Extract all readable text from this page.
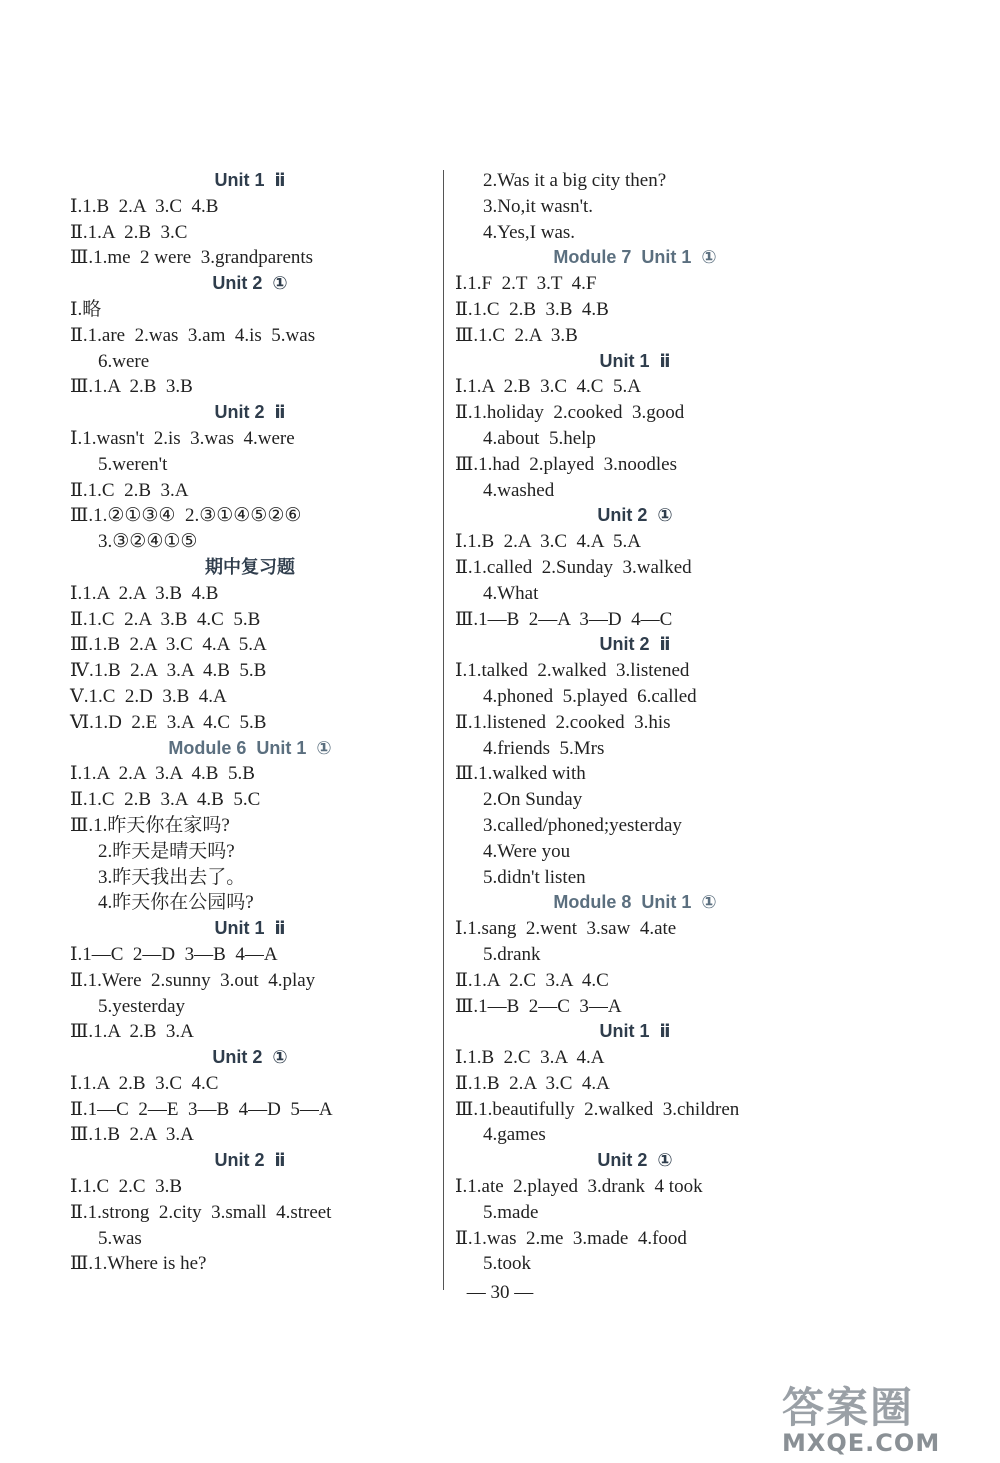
Unit 1  ⅱ
Ⅰ.1.B  2.A  3.C  4.B
Ⅱ.1.A  2.B  3.C
Ⅲ.1.me  2 were  3.grandparents
Unit 2  ①
Ⅰ.略
Ⅱ.1.are  2.was  3.am  4.is  5.was
6.were
Ⅲ.1.A  2.B  3.B
Unit 2  ⅱ
Ⅰ.1.wasn't  2.is  3.was  4.were
5.weren't
Ⅱ.1.C  2.B  3.A
Ⅲ.1.②①③④  2.③①④⑤②⑥
3.③②④①⑤
期中复习题
Ⅰ.1.A  2.A  3.B  4.B
Ⅱ.1.C  2.A  3.B  4.C  5.B
Ⅲ.1.B  2.A  3.C  4.A  5.A
Ⅳ.1.B  2.A  3.A  4.B  5.B
Ⅴ.1.C  2.D  3.B  4.A
Ⅵ.1.D  2.E  3.A  4.C  5.B
Module 6  Unit 1  ①
Ⅰ.1.A  2.A  3.A  4.B  5.B
Ⅱ.1.C  2.B  3.A  4.B  5.C
Ⅲ.1.昨天你在家吗?
2.昨天是晴天吗?
3.昨天我出去了。
4.昨天你在公园吗?
Unit 1  ⅱ
Ⅰ.1—C  2—D  3—B  4—A
Ⅱ.1.Were  2.sunny  3.out  4.play
5.yesterday
Ⅲ.1.A  2.B  3.A
Unit 2  ①
Ⅰ.1.A  2.B  3.C  4.C
Ⅱ.1—C  2—E  3—B  4—D  5—A
Ⅲ.1.B  2.A  3.A
Unit 2  ⅱ
Ⅰ.1.C  2.C  3.B
Ⅱ.1.strong  2.city  3.small  4.street
5.was
Ⅲ.1.Where is he?
2.Was it a big city then?
3.No,it wasn't.
4.Yes,I was.
Module 7  Unit 1  ①
Ⅰ.1.F  2.T  3.T  4.F
Ⅱ.1.C  2.B  3.B  4.B
Ⅲ.1.C  2.A  3.B
Unit 1  ⅱ
Ⅰ.1.A  2.B  3.C  4.C  5.A
Ⅱ.1.holiday  2.cooked  3.good
4.about  5.help
Ⅲ.1.had  2.played  3.noodles
4.washed
Unit 2  ①
Ⅰ.1.B  2.A  3.C  4.A  5.A
Ⅱ.1.called  2.Sunday  3.walked
4.What
Ⅲ.1—B  2—A  3—D  4—C
Unit 2  ⅱ
Ⅰ.1.talked  2.walked  3.listened
4.phoned  5.played  6.called
Ⅱ.1.listened  2.cooked  3.his
4.friends  5.Mrs
Ⅲ.1.walked with
2.On Sunday
3.called/phoned;yesterday
4.Were you
5.didn't listen
Module 8  Unit 1  ①
Ⅰ.1.sang  2.went  3.saw  4.ate
5.drank
Ⅱ.1.A  2.C  3.A  4.C
Ⅲ.1—B  2—C  3—A
Unit 1  ⅱ
Ⅰ.1.B  2.C  3.A  4.A
Ⅱ.1.B  2.A  3.C  4.A
Ⅲ.1.beautifully  2.walked  3.children
4.games
Unit 2  ①
Ⅰ.1.ate  2.played  3.drank  4 took
5.made
Ⅱ.1.was  2.me  3.made  4.food
5.took
— 30 —
答案圈
MXQE.COM
